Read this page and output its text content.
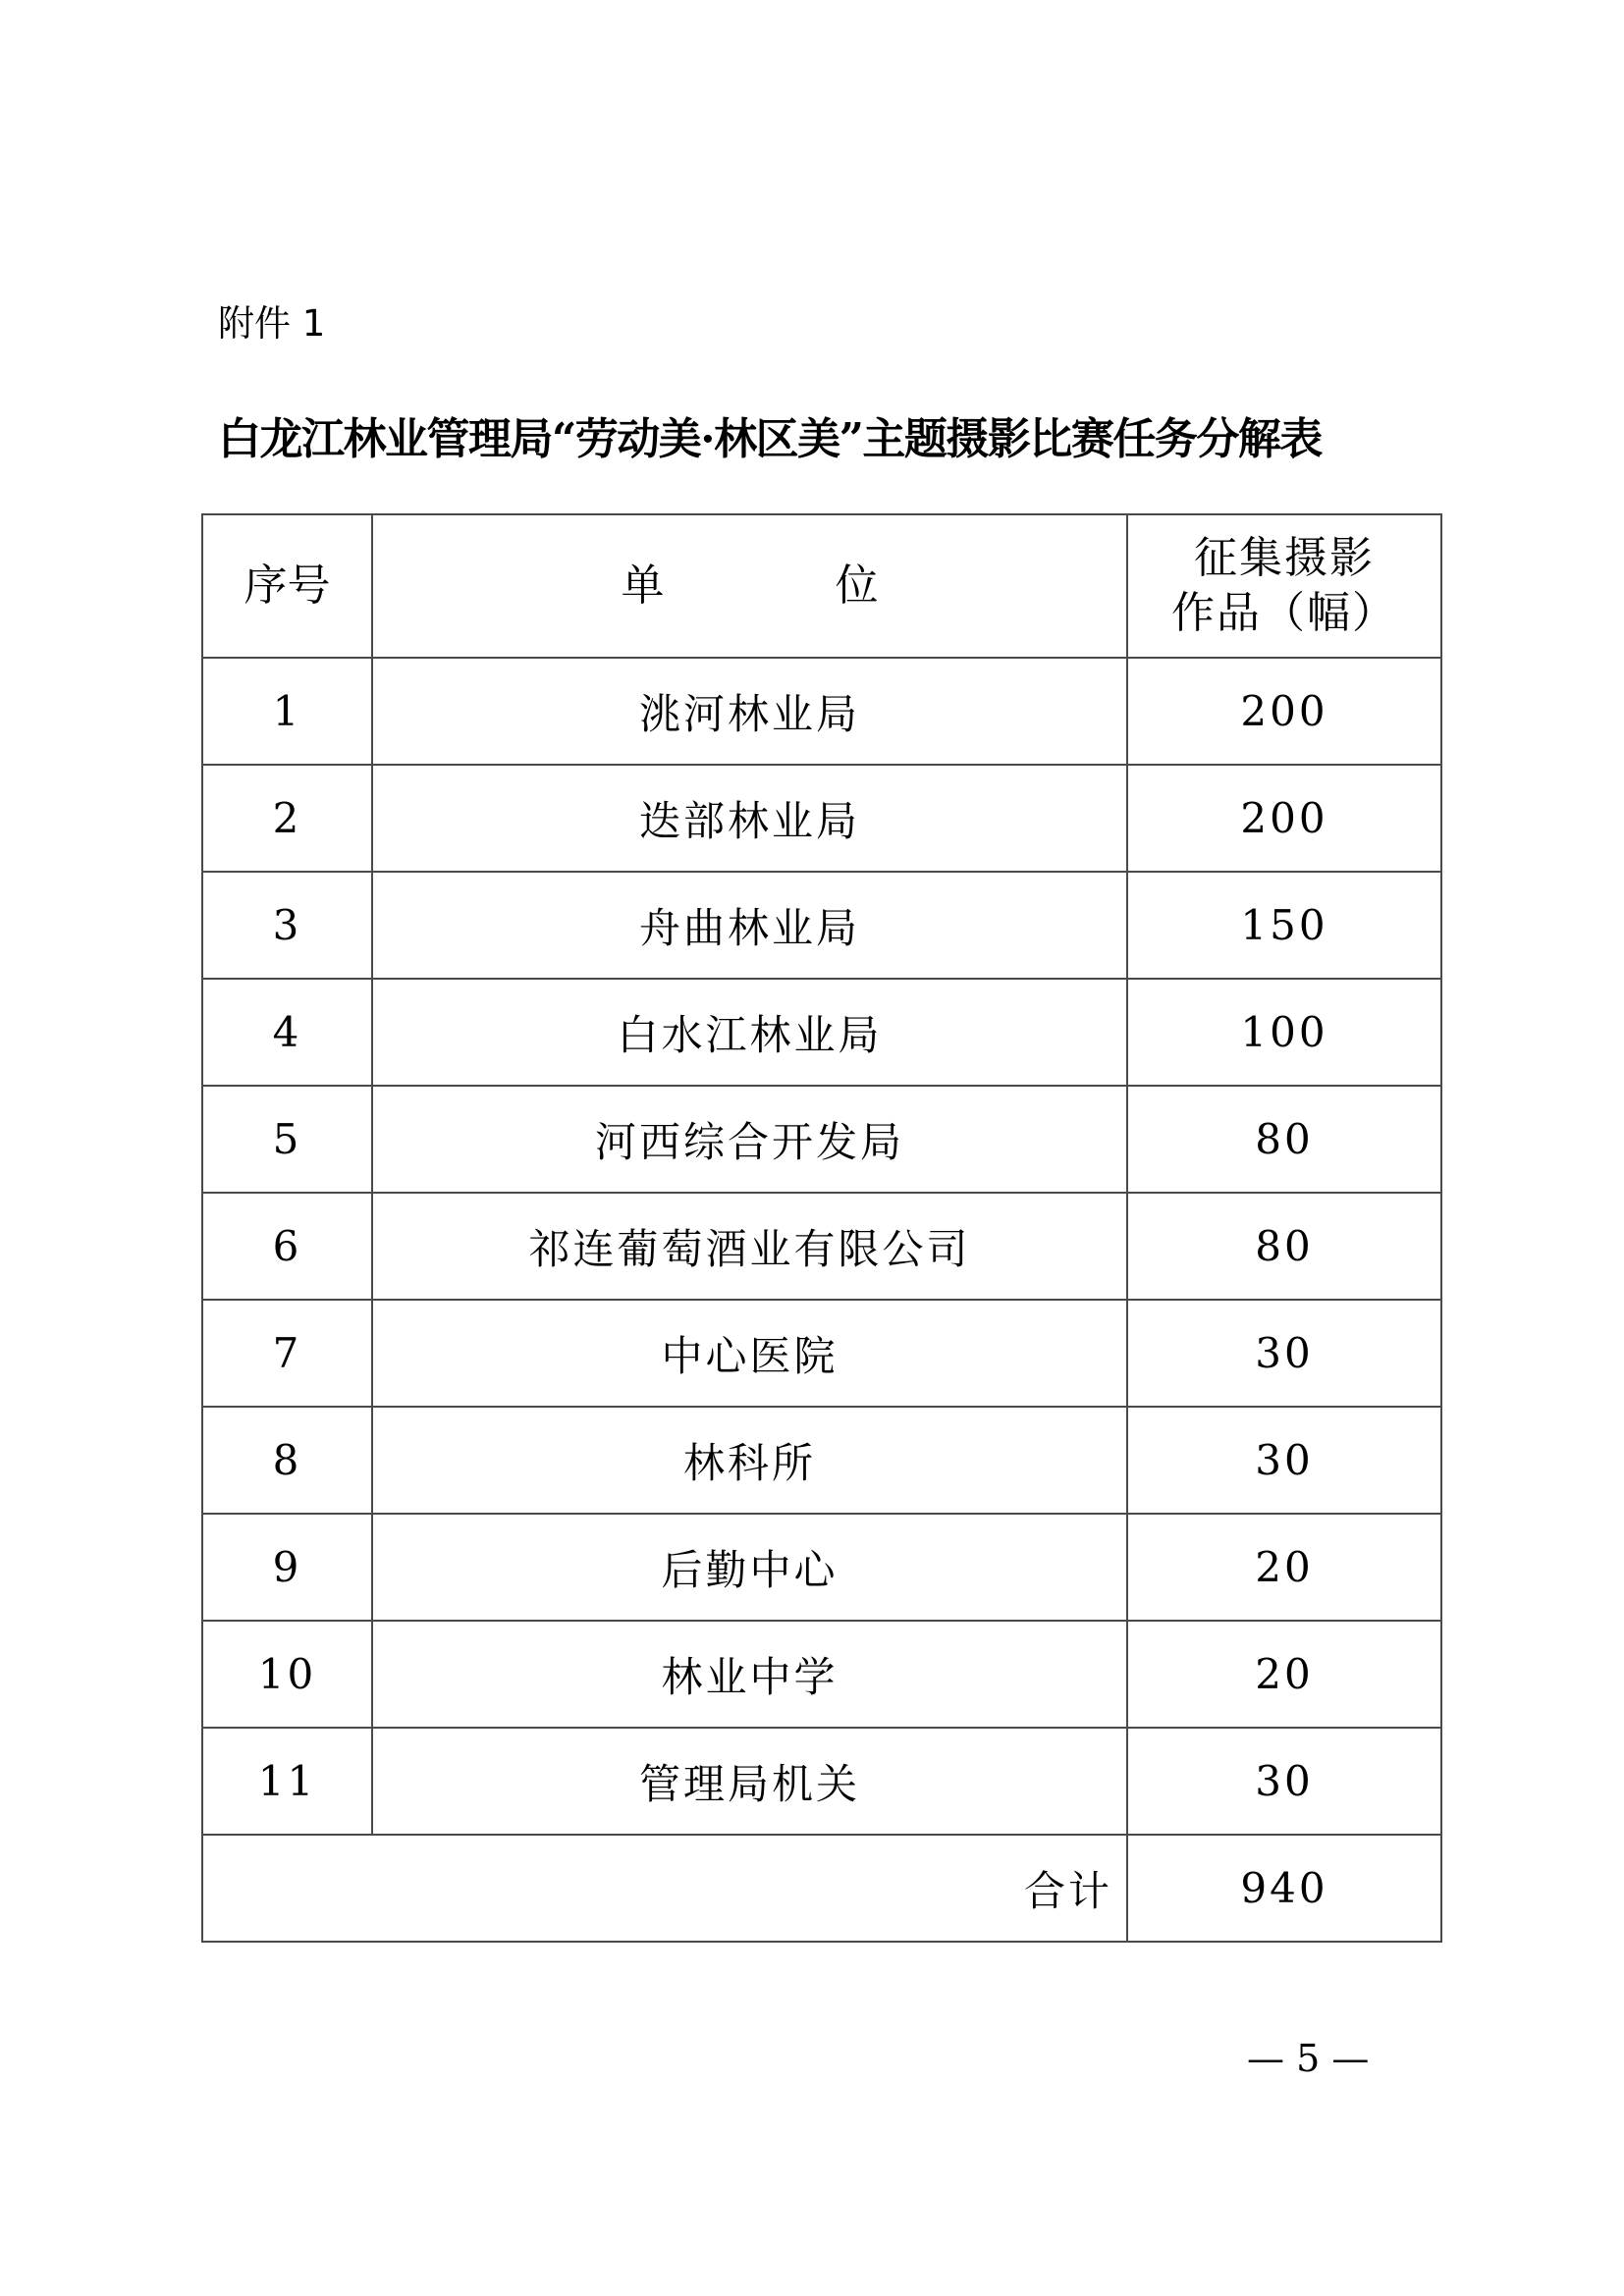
附件 1
白龙江林业管理局“劳动美·林区美”主题摄影比赛任务分解表
序号	单 位	征集摄影
作品（幅）
1	洮河林业局	200
2	迭部林业局	200
3	舟曲林业局	150
4	白水江林业局	100
5	河西综合开发局	80
6	祁连葡萄酒业有限公司	80
7	中心医院	30
8	林科所	30
9	后勤中心	20
10	林业中学	20
11	管理局机关	30
合计		940
— 5 —
